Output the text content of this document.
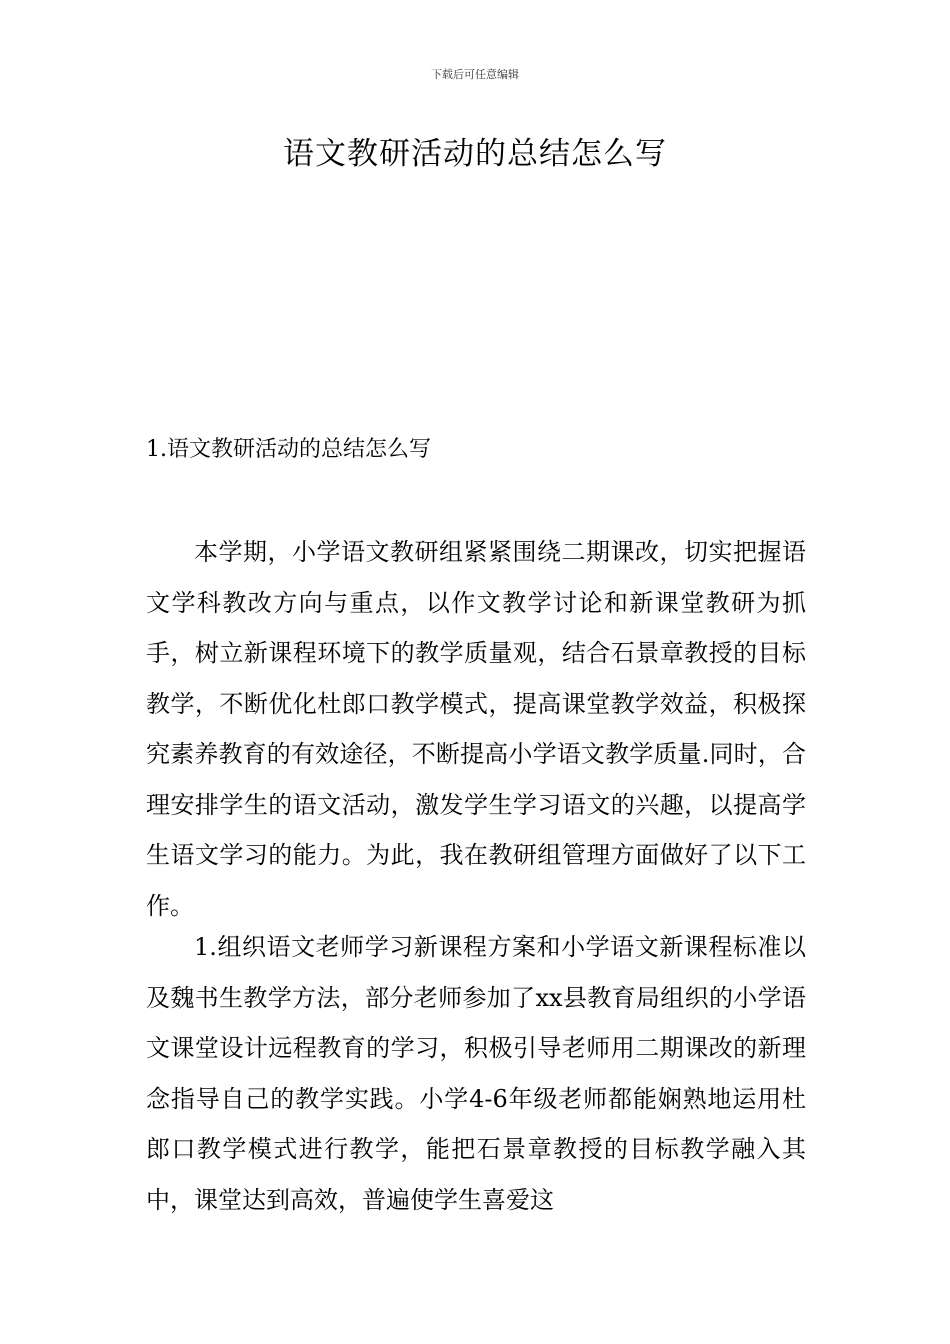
下载后可任意编辑
语文教研活动的总结怎么写
1.语文教研活动的总结怎么写

本学期，小学语文教研组紧紧围绕二期课改，切实把握语文学科教改方向与重点，以作文教学讨论和新课堂教研为抓手，树立新课程环境下的教学质量观，结合石景章教授的目标教学，不断优化杜郎口教学模式，提高课堂教学效益，积极探究素养教育的有效途径，不断提高小学语文教学质量.同时，合理安排学生的语文活动，激发学生学习语文的兴趣，以提高学生语文学习的能力。为此，我在教研组管理方面做好了以下工作。

1.组织语文老师学习新课程方案和小学语文新课程标准以及魏书生教学方法，部分老师参加了xx县教育局组织的小学语文课堂设计远程教育的学习，积极引导老师用二期课改的新理念指导自己的教学实践。小学4-6年级老师都能娴熟地运用杜郎口教学模式进行教学，能把石景章教授的目标教学融入其中，课堂达到高效，普遍使学生喜爱这
